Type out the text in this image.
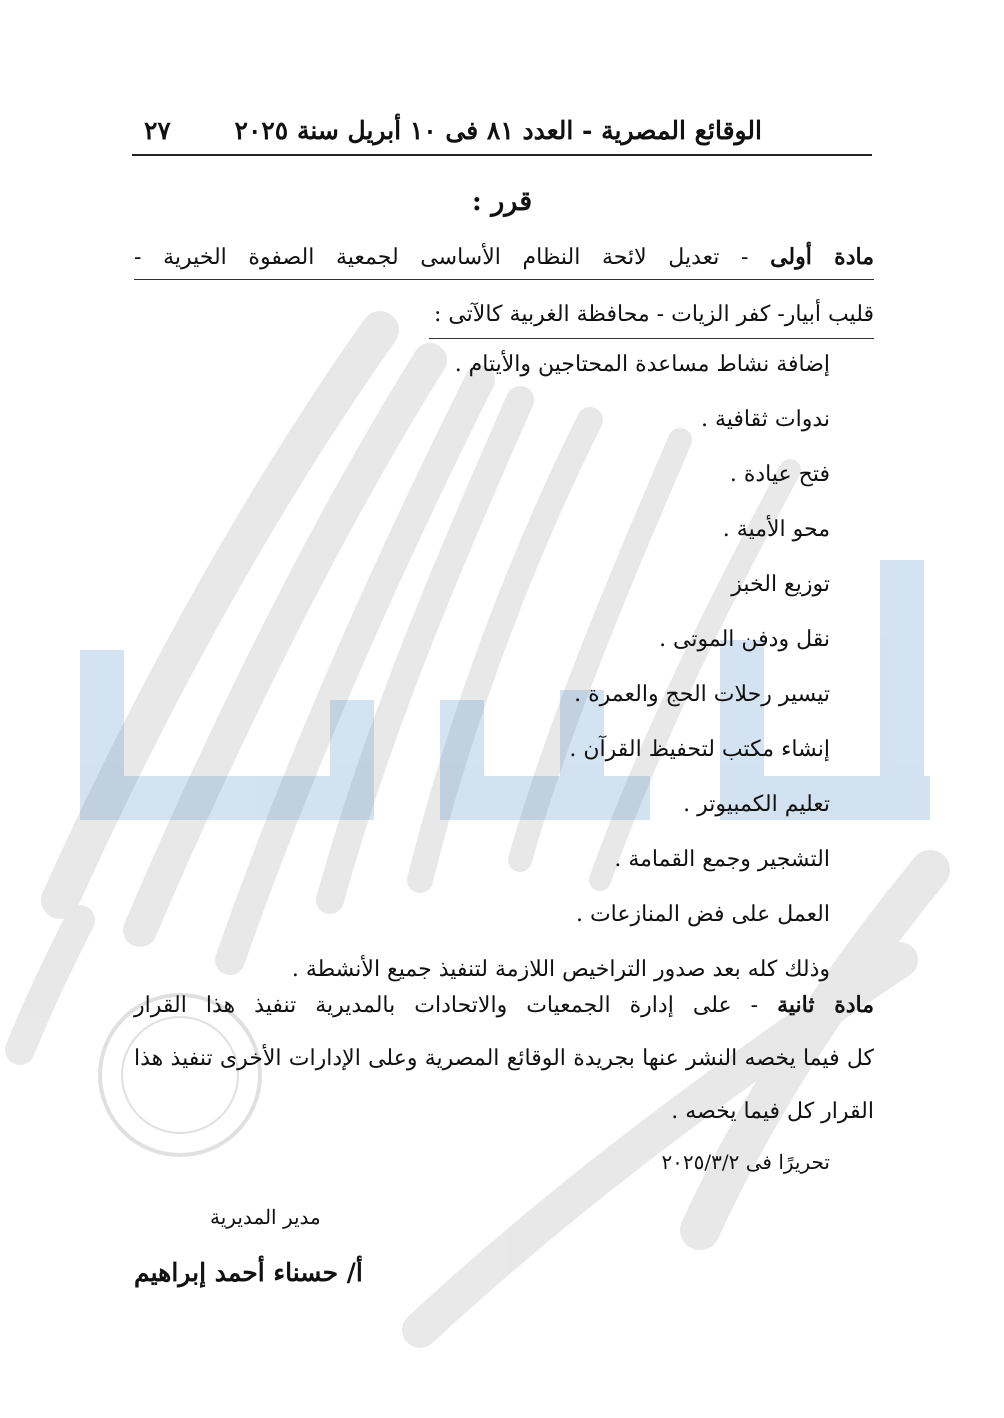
الوقائع المصرية - العدد ٨١ فى ١٠ أبريل سنة ٢٠٢٥
٢٧
قرر :
مادة أولى - تعديل لائحة النظام الأساسى لجمعية الصفوة الخيرية -
قليب أبيار- كفر الزيات - محافظة الغربية كالآتى :
إضافة نشاط مساعدة المحتاجين والأيتام .
ندوات ثقافية .
فتح عيادة .
محو الأمية .
توزيع الخبز
نقل ودفن الموتى .
تيسير رحلات الحج والعمرة .
إنشاء مكتب لتحفيظ القرآن .
تعليم الكمبيوتر .
التشجير وجمع القمامة .
العمل على فض المنازعات .
وذلك كله بعد صدور التراخيص اللازمة لتنفيذ جميع الأنشطة .
مادة ثانية - على إدارة الجمعيات والاتحادات بالمديرية تنفيذ هذا القرار
كل فيما يخصه النشر عنها بجريدة الوقائع المصرية وعلى الإدارات الأخرى تنفيذ هذا
القرار كل فيما يخصه .
تحريرًا فى ٢٠٢٥/٣/٢
مدير المديرية
أ/ حسناء أحمد إبراهيم
